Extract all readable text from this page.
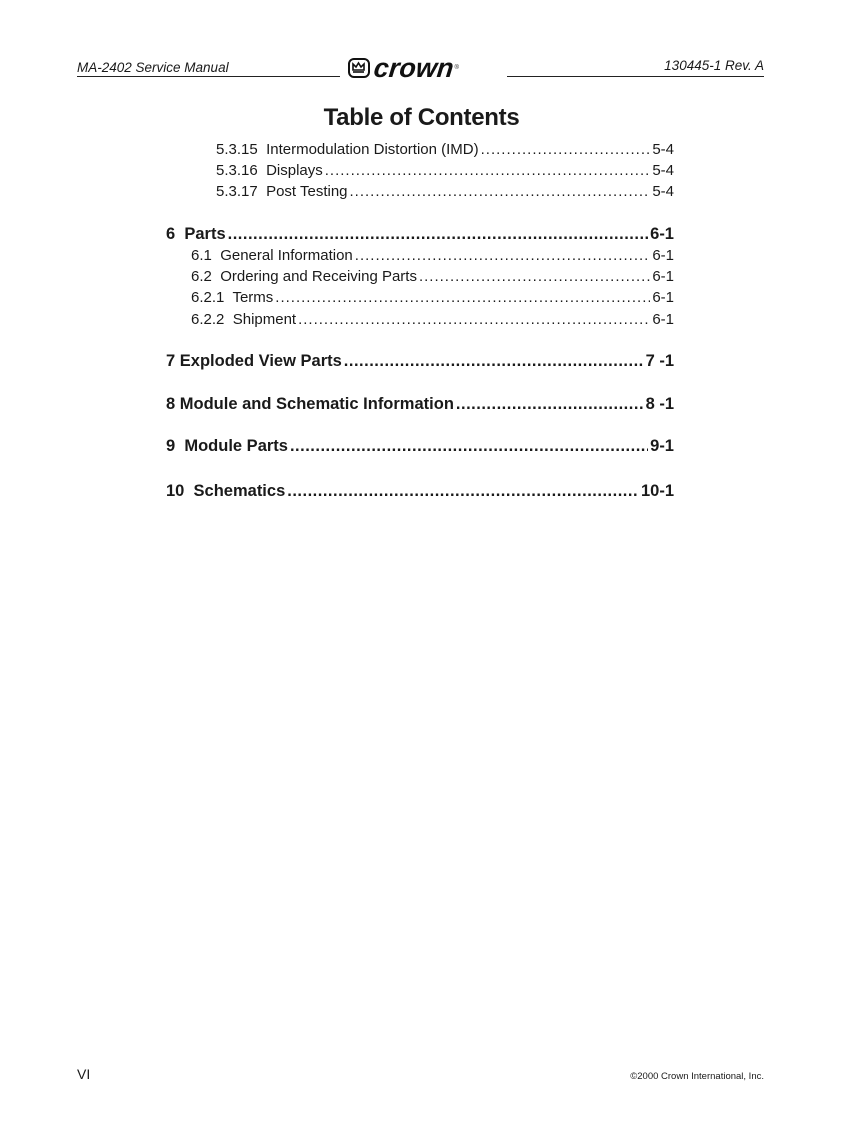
MA-2402 Service Manual	crown ®	130445-1 Rev. A
Table of Contents
5.3.15 Intermodulation Distortion (IMD) .....	5-4
5.3.16 Displays .....	5-4
5.3.17 Post Testing .....	5-4
6 Parts .....	6-1
6.1 General Information .....	6-1
6.2 Ordering and Receiving Parts .....	6-1
6.2.1 Terms .....	6-1
6.2.2 Shipment .....	6-1
7 Exploded View Parts .....	7 -1
8 Module and Schematic Information .....	8 -1
9 Module Parts .....	9-1
10 Schematics .....	10-1
VI	©2000 Crown International, Inc.
